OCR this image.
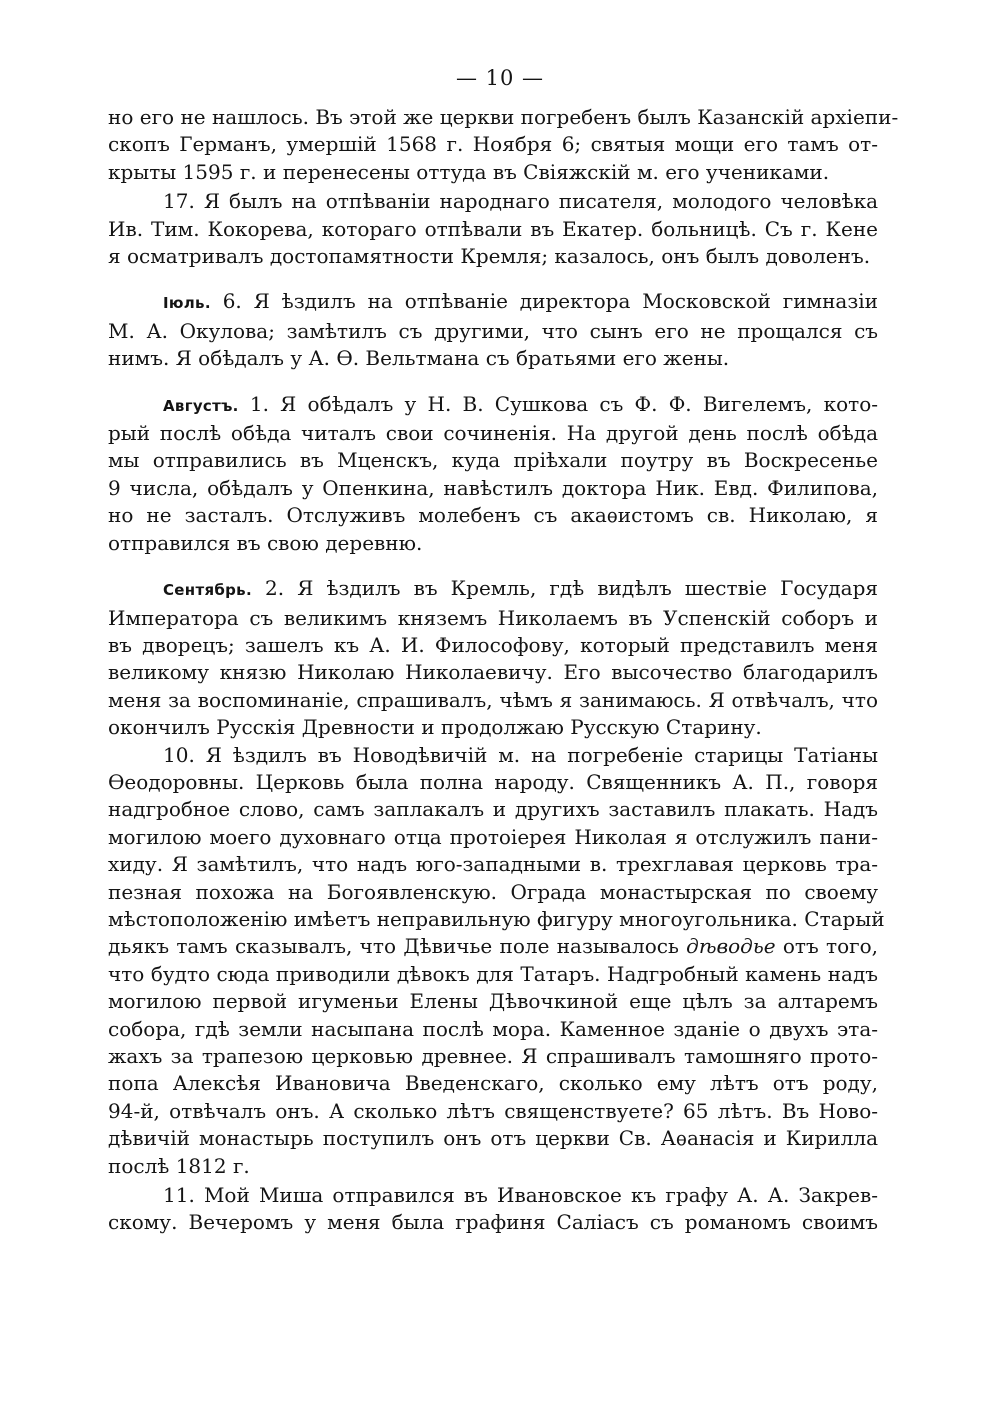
— 10 —
но его не нашлось. Въ этой же церкви погребенъ былъ Казанскій архіепи-
скопъ Германъ, умершій 1568 г. Ноября 6; святыя мощи его тамъ от-
крыты 1595 г. и перенесены оттуда въ Свіяжскій м. его учениками.
17. Я былъ на отпѣваніи народнаго писателя, молодого человѣка
Ив. Тим. Кокорева, котораго отпѣвали въ Екатер. больницѣ. Съ г. Кене
я осматривалъ достопамятности Кремля; казалось, онъ былъ доволенъ.
Іюль. 6. Я ѣздилъ на отпѣваніе директора Московской гимназіи
М. А. Окулова; замѣтилъ съ другими, что сынъ его не прощался съ
нимъ. Я обѣдалъ у А. Ѳ. Вельтмана съ братьями его жены.
Августъ. 1. Я обѣдалъ у Н. В. Сушкова съ Ф. Ф. Вигелемъ, кото-
рый послѣ обѣда читалъ свои сочиненія. На другой день послѣ обѣда
мы отправились въ Мценскъ, куда пріѣхали поутру въ Воскресенье
9 числа, обѣдалъ у Опенкина, навѣстилъ доктора Ник. Евд. Филипова,
но не засталъ. Отслуживъ молебенъ съ акаѳистомъ св. Николаю, я
отправился въ свою деревню.
Сентябрь. 2. Я ѣздилъ въ Кремль, гдѣ видѣлъ шествіе Государя
Императора съ великимъ княземъ Николаемъ въ Успенскій соборъ и
въ дворецъ; зашелъ къ А. И. Философову, который представилъ меня
великому князю Николаю Николаевичу. Его высочество благодарилъ
меня за воспоминаніе, спрашивалъ, чѣмъ я занимаюсь. Я отвѣчалъ, что
окончилъ Русскія Древности и продолжаю Русскую Старину.
10. Я ѣздилъ въ Новодѣвичій м. на погребеніе старицы Татіаны
Ѳеодоровны. Церковь была полна народу. Священникъ А. П., говоря
надгробное слово, самъ заплакалъ и другихъ заставилъ плакать. Надъ
могилою моего духовнаго отца протоіерея Николая я отслужилъ пани-
хиду. Я замѣтилъ, что надъ юго-западными в. трехглавая церковь тра-
пезная похожа на Богоявленскую. Ограда монастырская по своему
мѣстоположенію имѣетъ неправильную фигуру многоугольника. Старый
дьякъ тамъ сказывалъ, что Дѣвичье поле называлось дѣводье отъ того,
что будто сюда приводили дѣвокъ для Татаръ. Надгробный камень надъ
могилою первой игуменьи Елены Дѣвочкиной еще цѣлъ за алтаремъ
собора, гдѣ земли насыпана послѣ мора. Каменное зданіе о двухъ эта-
жахъ за трапезою церковью древнее. Я спрашивалъ тамошняго прото-
попа Алексѣя Ивановича Введенскаго, сколько ему лѣтъ отъ роду,
94-й, отвѣчалъ онъ. А сколько лѣтъ священствуете? 65 лѣтъ. Въ Ново-
дѣвичій монастырь поступилъ онъ отъ церкви Св. Аѳанасія и Кирилла
послѣ 1812 г.
11. Мой Миша отправился въ Ивановское къ графу А. А. Закрев-
скому. Вечеромъ у меня была графиня Саліасъ съ романомъ своимъ
